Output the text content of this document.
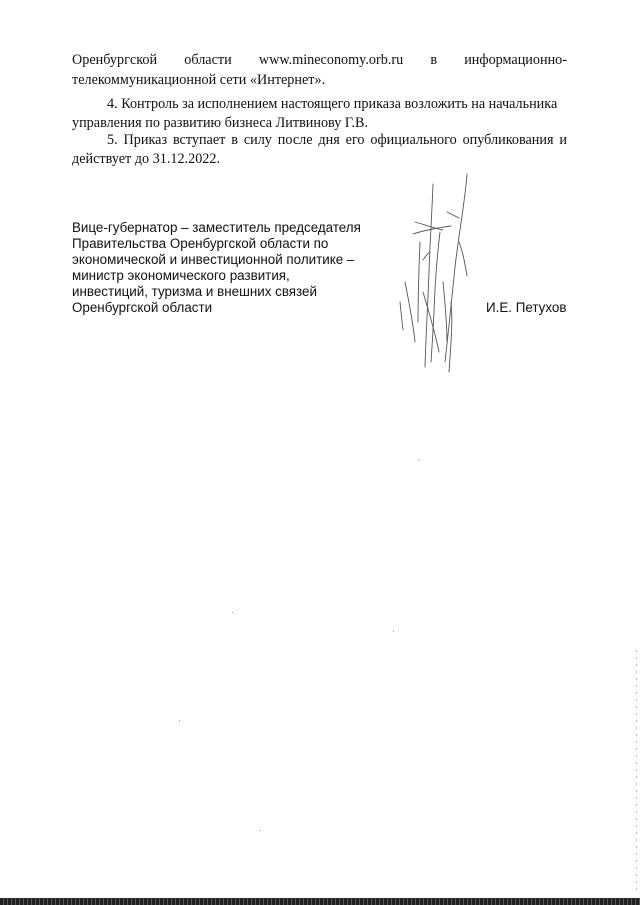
Оренбургской области www.mineconomy.orb.ru в информационно-
телекоммуникационной сети «Интернет».
4. Контроль за исполнением настоящего приказа возложить на начальника
управления по развитию бизнеса Литвинову Г.В.
5. Приказ вступает в силу после дня его официального опубликования и
действует до 31.12.2022.
Вице-губернатор – заместитель председателя
Правительства Оренбургской области по
экономической и инвестиционной политике –
министр экономического развития,
инвестиций, туризма и внешних связей
Оренбургской области	И.Е. Петухов
